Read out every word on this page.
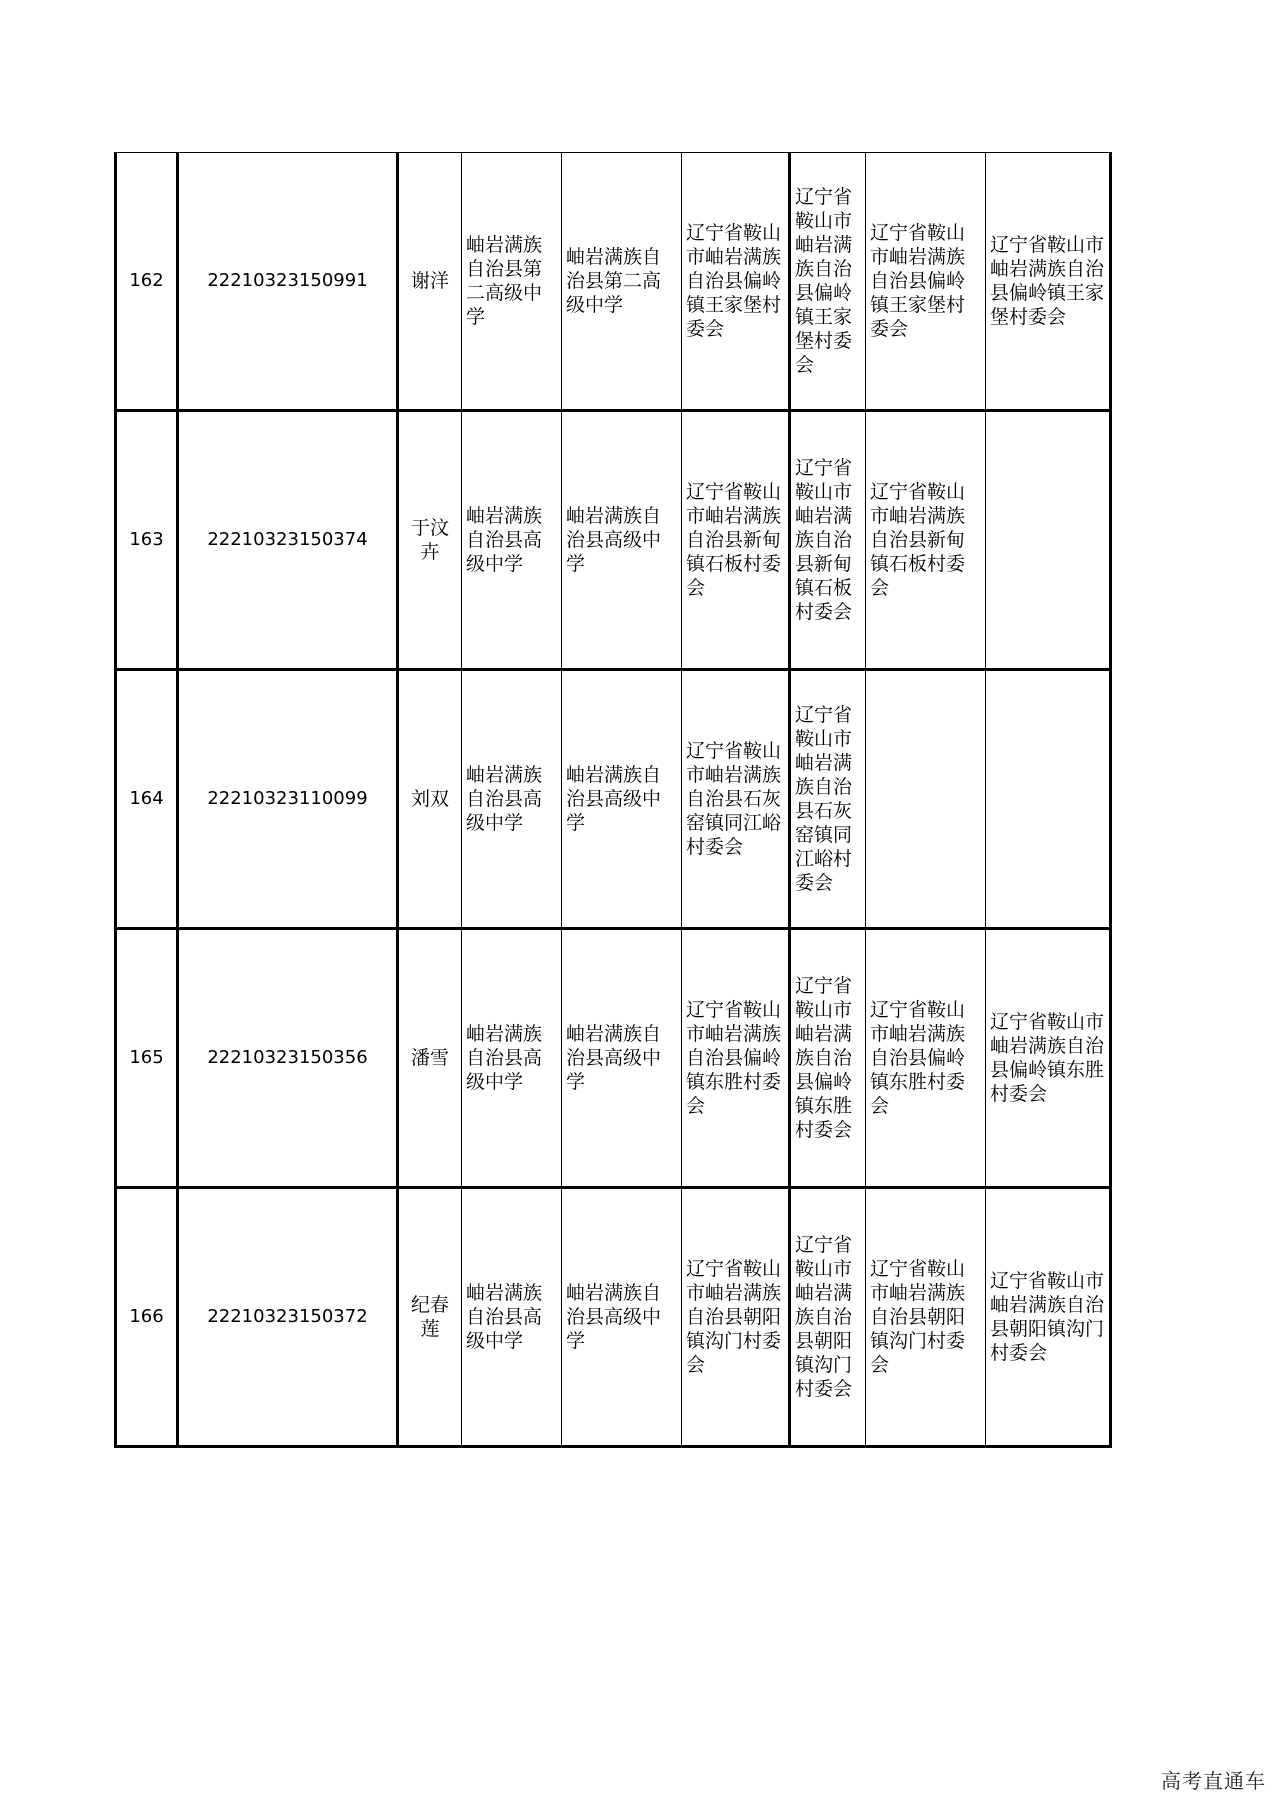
162	22210323150991	谢洋	岫岩满族自治县第二高级中学	岫岩满族自治县第二高级中学	辽宁省鞍山市岫岩满族自治县偏岭镇王家堡村委会	辽宁省鞍山市岫岩满族自治县偏岭镇王家堡村委会	辽宁省鞍山市岫岩满族自治县偏岭镇王家堡村委会	辽宁省鞍山市岫岩满族自治县偏岭镇王家堡村委会
163	22210323150374	于汶卉	岫岩满族自治县高级中学	岫岩满族自治县高级中学	辽宁省鞍山市岫岩满族自治县新甸镇石板村委会	辽宁省鞍山市岫岩满族自治县新甸镇石板村委会	辽宁省鞍山市岫岩满族自治县新甸镇石板村委会	
164	22210323110099	刘双	岫岩满族自治县高级中学	岫岩满族自治县高级中学	辽宁省鞍山市岫岩满族自治县石灰窑镇同江峪村委会	辽宁省鞍山市岫岩满族自治县石灰窑镇同江峪村委会		
165	22210323150356	潘雪	岫岩满族自治县高级中学	岫岩满族自治县高级中学	辽宁省鞍山市岫岩满族自治县偏岭镇东胜村委会	辽宁省鞍山市岫岩满族自治县偏岭镇东胜村委会	辽宁省鞍山市岫岩满族自治县偏岭镇东胜村委会	辽宁省鞍山市岫岩满族自治县偏岭镇东胜村委会
166	22210323150372	纪春莲	岫岩满族自治县高级中学	岫岩满族自治县高级中学	辽宁省鞍山市岫岩满族自治县朝阳镇沟门村委会	辽宁省鞍山市岫岩满族自治县朝阳镇沟门村委会	辽宁省鞍山市岫岩满族自治县朝阳镇沟门村委会	辽宁省鞍山市岫岩满族自治县朝阳镇沟门村委会
高考直通车
